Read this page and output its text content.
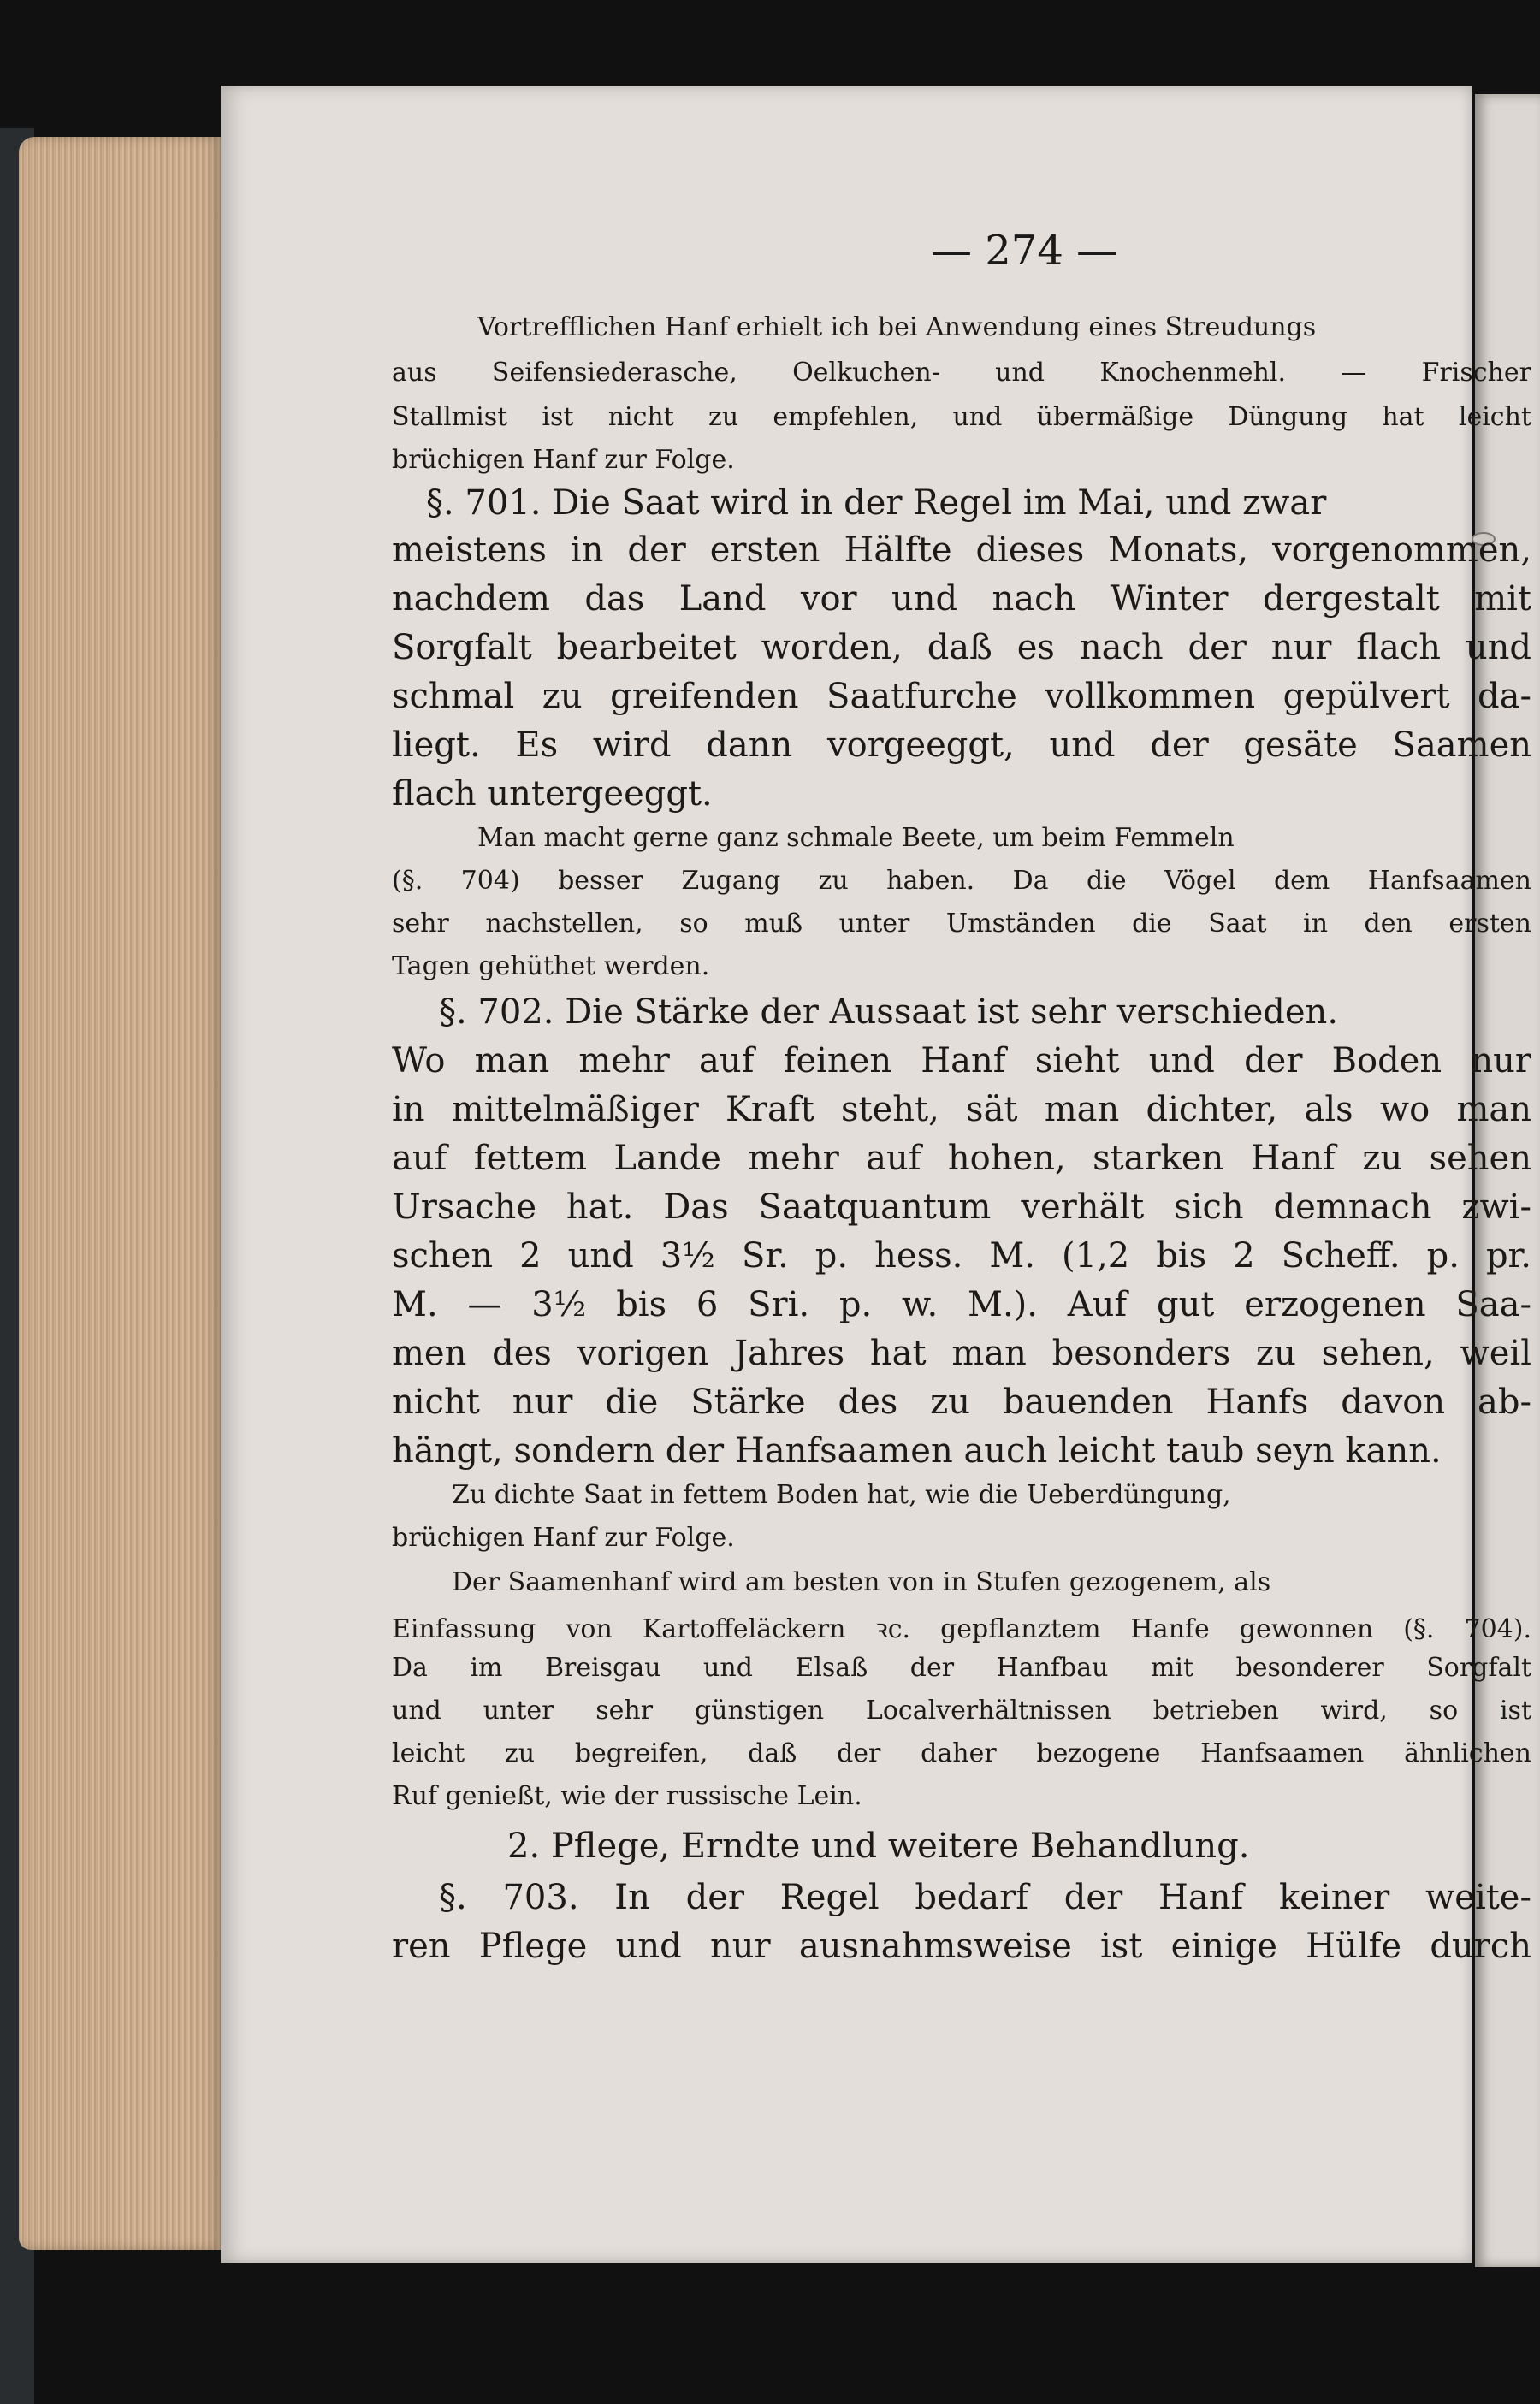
— 274 —
Vortrefflichen Hanf erhielt ich bei Anwendung eines Streudungs
aus Seifensiederasche, Oelkuchen- und Knochenmehl. — Frischer
Stallmist ist nicht zu empfehlen, und übermäßige Düngung hat leicht
brüchigen Hanf zur Folge.
§. 701. Die Saat wird in der Regel im Mai, und zwar
meistens in der ersten Hälfte dieses Monats, vorgenommen,
nachdem das Land vor und nach Winter dergestalt mit
Sorgfalt bearbeitet worden, daß es nach der nur flach und
schmal zu greifenden Saatfurche vollkommen gepülvert da-
liegt. Es wird dann vorgeeggt, und der gesäte Saamen
flach untergeeggt.
Man macht gerne ganz schmale Beete, um beim Femmeln
(§. 704) besser Zugang zu haben. Da die Vögel dem Hanfsaamen
sehr nachstellen, so muß unter Umständen die Saat in den ersten
Tagen gehüthet werden.
§. 702. Die Stärke der Aussaat ist sehr verschieden.
Wo man mehr auf feinen Hanf sieht und der Boden nur
in mittelmäßiger Kraft steht, sät man dichter, als wo man
auf fettem Lande mehr auf hohen, starken Hanf zu sehen
Ursache hat. Das Saatquantum verhält sich demnach zwi-
schen 2 und 3½ Sr. p. hess. M. (1,2 bis 2 Scheff. p. pr.
M. — 3½ bis 6 Sri. p. w. M.). Auf gut erzogenen Saa-
men des vorigen Jahres hat man besonders zu sehen, weil
nicht nur die Stärke des zu bauenden Hanfs davon ab-
hängt, sondern der Hanfsaamen auch leicht taub seyn kann.
Zu dichte Saat in fettem Boden hat, wie die Ueberdüngung,
brüchigen Hanf zur Folge.
Der Saamenhanf wird am besten von in Stufen gezogenem, als
Einfassung von Kartoffeläckern ꝛc. gepflanztem Hanfe gewonnen (§. 704).
Da im Breisgau und Elsaß der Hanfbau mit besonderer Sorgfalt
und unter sehr günstigen Localverhältnissen betrieben wird, so ist
leicht zu begreifen, daß der daher bezogene Hanfsaamen ähnlichen
Ruf genießt, wie der russische Lein.
2. Pflege, Erndte und weitere Behandlung.
§. 703. In der Regel bedarf der Hanf keiner weite-
ren Pflege und nur ausnahmsweise ist einige Hülfe durch
